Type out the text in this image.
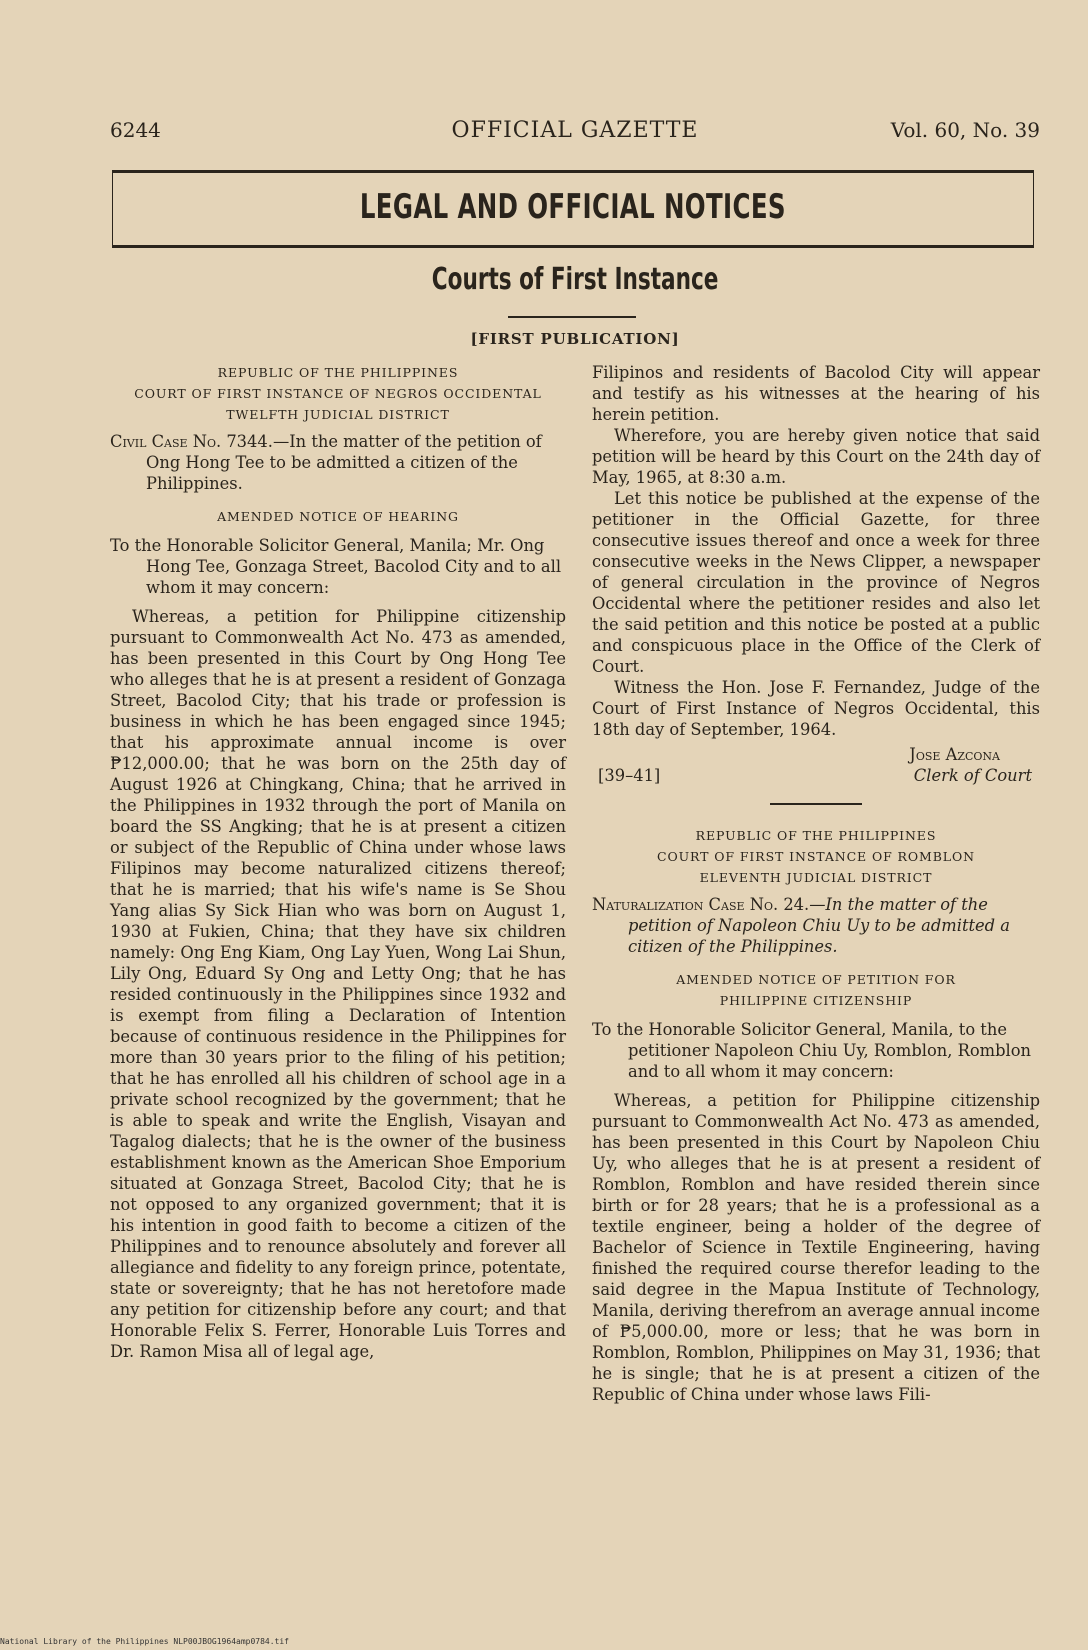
6244	OFFICIAL GAZETTE	Vol. 60, No. 39
LEGAL AND OFFICIAL NOTICES
Courts of First Instance
[FIRST PUBLICATION]
REPUBLIC OF THE PHILIPPINES
COURT OF FIRST INSTANCE OF NEGROS OCCIDENTAL
TWELFTH JUDICIAL DISTRICT

Civil Case No. 7344.—In the matter of the petition of Ong Hong Tee to be admitted a citizen of the Philippines.

AMENDED NOTICE OF HEARING

To the Honorable Solicitor General, Manila; Mr. Ong Hong Tee, Gonzaga Street, Bacolod City and to all whom it may concern:

Whereas, a petition for Philippine citizenship pursuant to Commonwealth Act No. 473 as amended, has been presented in this Court by Ong Hong Tee who alleges that he is at present a resident of Gonzaga Street, Bacolod City; that his trade or profession is business in which he has been engaged since 1945; that his approximate annual income is over ₱12,000.00; that he was born on the 25th day of August 1926 at Chingkang, China; that he arrived in the Philippines in 1932 through the port of Manila on board the SS Angking; that he is at present a citizen or subject of the Republic of China under whose laws Filipinos may become naturalized citizens thereof; that he is married; that his wife's name is Se Shou Yang alias Sy Sick Hian who was born on August 1, 1930 at Fukien, China; that they have six children namely: Ong Eng Kiam, Ong Lay Yuen, Wong Lai Shun, Lily Ong, Eduard Sy Ong and Letty Ong; that he has resided continuously in the Philippines since 1932 and is exempt from filing a Declaration of Intention because of continuous residence in the Philippines for more than 30 years prior to the filing of his petition; that he has enrolled all his children of school age in a private school recognized by the government; that he is able to speak and write the English, Visayan and Tagalog dialects; that he is the owner of the business establishment known as the American Shoe Emporium situated at Gonzaga Street, Bacolod City; that he is not opposed to any organized government; that it is his intention in good faith to become a citizen of the Philippines and to renounce absolutely and forever all allegiance and fidelity to any foreign prince, potentate, state or sovereignty; that he has not heretofore made any petition for citizenship before any court; and that Honorable Felix S. Ferrer, Honorable Luis Torres and Dr. Ramon Misa all of legal age,

Filipinos and residents of Bacolod City will appear and testify as his witnesses at the hearing of his herein petition.

Wherefore, you are hereby given notice that said petition will be heard by this Court on the 24th day of May, 1965, at 8:30 a.m.

Let this notice be published at the expense of the petitioner in the Official Gazette, for three consecutive issues thereof and once a week for three consecutive weeks in the News Clipper, a newspaper of general circulation in the province of Negros Occidental where the petitioner resides and also let the said petition and this notice be posted at a public and conspicuous place in the Office of the Clerk of Court.

Witness the Hon. Jose F. Fernandez, Judge of the Court of First Instance of Negros Occidental, this 18th day of September, 1964.

Jose Azcona
[39–41]	Clerk of Court
REPUBLIC OF THE PHILIPPINES
COURT OF FIRST INSTANCE OF ROMBLON
ELEVENTH JUDICIAL DISTRICT

Naturalization Case No. 24.—In the matter of the petition of Napoleon Chiu Uy to be admitted a citizen of the Philippines.

AMENDED NOTICE OF PETITION FOR
PHILIPPINE CITIZENSHIP

To the Honorable Solicitor General, Manila, to the petitioner Napoleon Chiu Uy, Romblon, Romblon and to all whom it may concern:

Whereas, a petition for Philippine citizenship pursuant to Commonwealth Act No. 473 as amended, has been presented in this Court by Napoleon Chiu Uy, who alleges that he is at present a resident of Romblon, Romblon and have resided therein since birth or for 28 years; that he is a professional as a textile engineer, being a holder of the degree of Bachelor of Science in Textile Engineering, having finished the required course therefor leading to the said degree in the Mapua Institute of Technology, Manila, deriving therefrom an average annual income of ₱5,000.00, more or less; that he was born in Romblon, Romblon, Philippines on May 31, 1936; that he is single; that he is at present a citizen of the Republic of China under whose laws Fili-

National Library of the Philippines NLP00JBOG1964amp0784.tif
